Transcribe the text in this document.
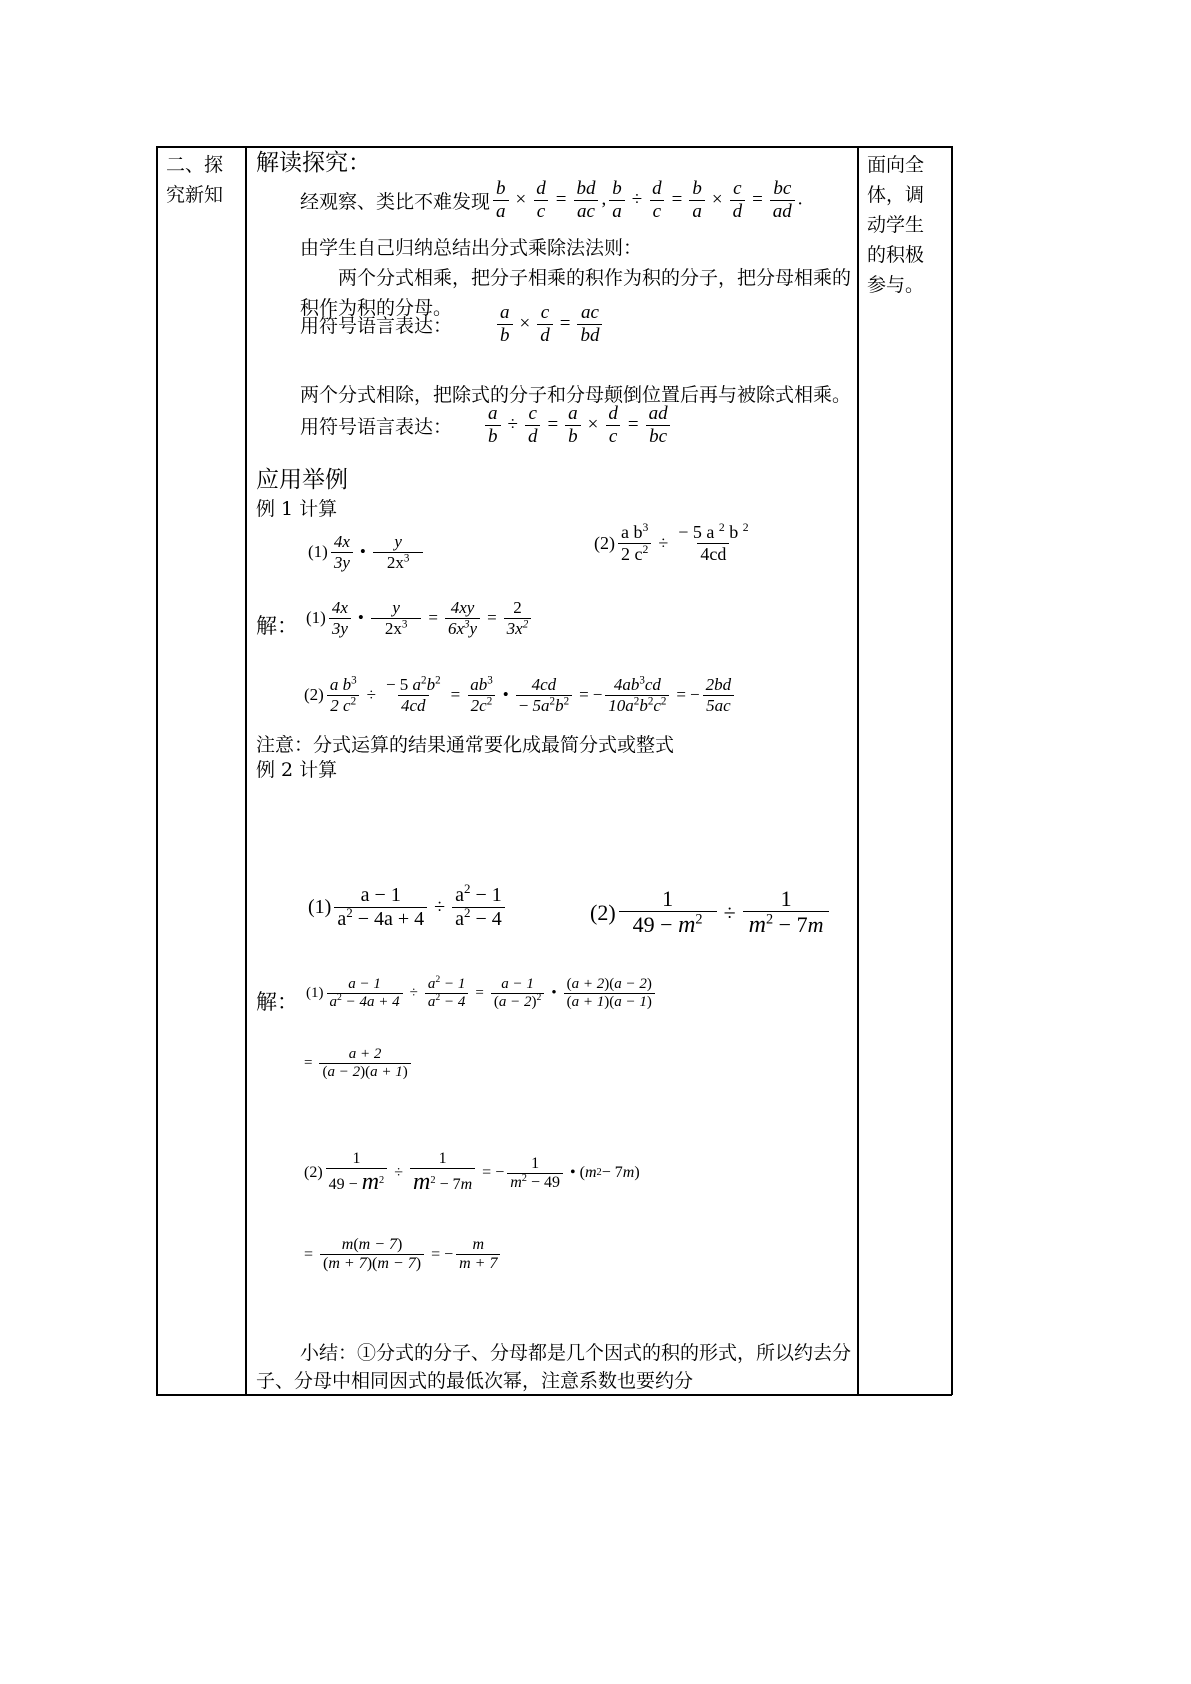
二、探
究新知
面向全
体，调
动学生
的积极
参与。
解读探究：
经观察、类比不难发现 $\frac{b}{a} \times \frac{d}{c} = \frac{bd}{ac}$ , $\frac{b}{a} \div \frac{d}{c} = \frac{b}{a} \times \frac{c}{d} = \frac{bc}{ad}$ .
由学生自己归纳总结出分式乘除法法则：
两个分式相乘，把分子相乘的积作为积的分子，把分母相乘的
积作为积的分母。
用符号语言表达： $\frac{a}{b} \times \frac{c}{d} = \frac{ac}{bd}$
两个分式相除，把除式的分子和分母颠倒位置后再与被除式相乘。
用符号语言表达： $\frac{a}{b} \div \frac{c}{d} = \frac{a}{b} \times \frac{d}{c} = \frac{ad}{bc}$
应用举例
例 1 计算
$(1) \frac{4x}{3y}$ • $\frac{y}{2x^3}$	$(2) \frac{a b^3}{2 c^2} \div \frac{- 5 a ^2 b ^2}{4cd}$
解： $(1) \frac{4x}{3y}$ • $\frac{y}{2x^3} = \frac{4xy}{6x^3y} = \frac{2}{3x^2}$
$(2) \frac{a b^3}{2 c^2} \div \frac{- 5 a^2b^2}{4cd} = \frac{ab^3}{2c^2}$ • $\frac{4cd}{- 5a^2b^2}$ = − $\frac{4ab^3cd}{10a^2b^2c^2}$ = − $\frac{2bd}{5ac}$
注意：分式运算的结果通常要化成最简分式或整式
例 2 计算
$(1) \frac{a - 1}{a^2 - 4a + 4} \div \frac{a^2 - 1}{a^2 - 4}$	$(2) \frac{1}{49 - m^2} \div \frac{1}{m^2 - 7m}$
解： $(1) \frac{a - 1}{a^2 - 4a + 4} \div \frac{a^2 - 1}{a^2 - 4} = \frac{a - 1}{(a - 2)^2}$ • $\frac{(a + 2)(a - 2)}{(a + 1)(a - 1)}$
= $\frac{a + 2}{(a - 2)(a + 1)}$
$(2) \frac{1}{49 - m^2} \div \frac{1}{m^2 - 7m}$ = − $\frac{1}{m^2 - 49}$ • ( m 2 − 7 m )
= $\frac{m(m - 7)}{(m + 7)(m - 7)}$ = − $\frac{m}{m + 7}$
小结：①分式的分子、分母都是几个因式的积的形式，所以约去分
子、分母中相同因式的最低次幂，注意系数也要约分
